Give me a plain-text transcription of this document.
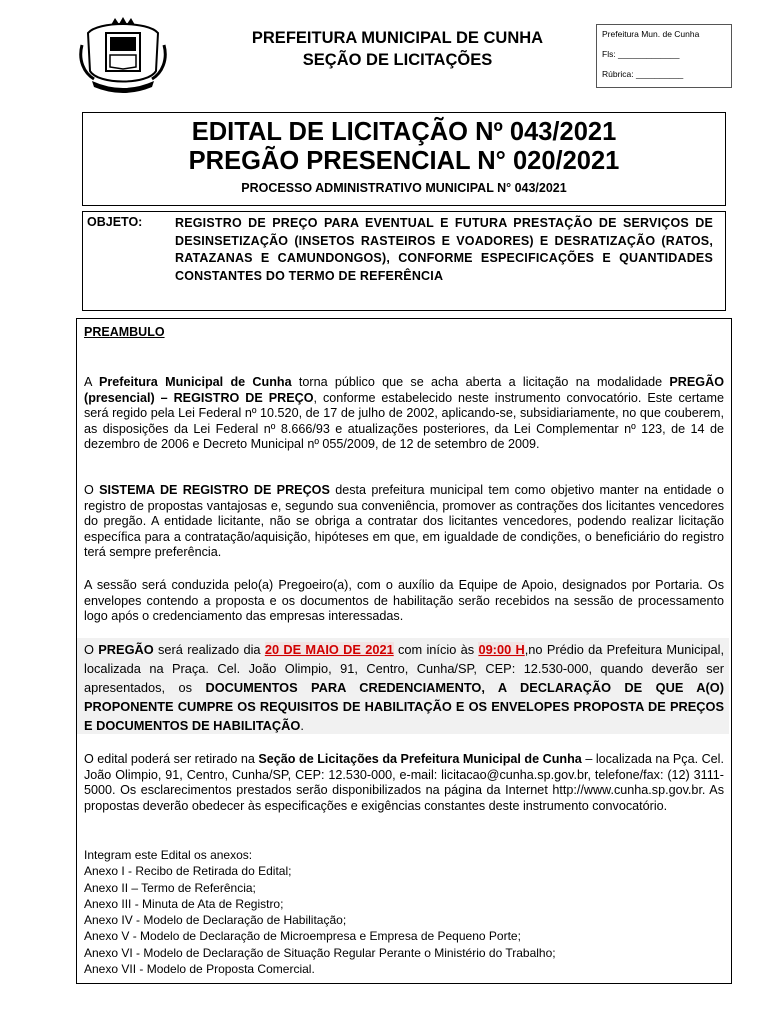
PREFEITURA MUNICIPAL DE CUNHA
SEÇÃO DE LICITAÇÕES
Prefeitura Mun. de Cunha
Fls: _____________
Rúbrica: __________
EDITAL DE LICITAÇÃO Nº 043/2021
PREGÃO PRESENCIAL N° 020/2021
PROCESSO ADMINISTRATIVO MUNICIPAL N° 043/2021
OBJETO:	REGISTRO DE PREÇO PARA EVENTUAL E FUTURA PRESTAÇÃO DE SERVIÇOS DE DESINSETIZAÇÃO (INSETOS RASTEIROS E VOADORES) E DESRATIZAÇÃO (RATOS, RATAZANAS E CAMUNDONGOS), CONFORME ESPECIFICAÇÕES E QUANTIDADES CONSTANTES DO TERMO DE REFERÊNCIA
PREAMBULO
A Prefeitura Municipal de Cunha torna público que se acha aberta a licitação na modalidade PREGÃO (presencial) – REGISTRO DE PREÇO, conforme estabelecido neste instrumento convocatório. Este certame será regido pela Lei Federal nº 10.520, de 17 de julho de 2002, aplicando-se, subsidiariamente, no que couberem, as disposições da Lei Federal nº 8.666/93 e atualizações posteriores, da Lei Complementar nº 123, de 14 de dezembro de 2006 e Decreto Municipal nº 055/2009, de 12 de setembro de 2009.
O SISTEMA DE REGISTRO DE PREÇOS desta prefeitura municipal tem como objetivo manter na entidade o registro de propostas vantajosas e, segundo sua conveniência, promover as contrações dos licitantes vencedores do pregão. A entidade licitante, não se obriga a contratar dos licitantes vencedores, podendo realizar licitação específica para a contratação/aquisição, hipóteses em que, em igualdade de condições, o beneficiário do registro terá sempre preferência.
A sessão será conduzida pelo(a) Pregoeiro(a), com o auxílio da Equipe de Apoio, designados por Portaria. Os envelopes contendo a proposta e os documentos de habilitação serão recebidos na sessão de processamento logo após o credenciamento das empresas interessadas.
O PREGÃO será realizado dia 20 DE MAIO DE 2021 com início às 09:00 H,no Prédio da Prefeitura Municipal, localizada na Praça. Cel. João Olimpio, 91, Centro, Cunha/SP, CEP: 12.530-000, quando deverão ser apresentados, os DOCUMENTOS PARA CREDENCIAMENTO, A DECLARAÇÃO DE QUE A(O) PROPONENTE CUMPRE OS REQUISITOS DE HABILITAÇÃO E OS ENVELOPES PROPOSTA DE PREÇOS E DOCUMENTOS DE HABILITAÇÃO.
O edital poderá ser retirado na Seção de Licitações da Prefeitura Municipal de Cunha – localizada na Pça. Cel. João Olimpio, 91, Centro, Cunha/SP, CEP: 12.530-000, e-mail: licitacao@cunha.sp.gov.br, telefone/fax: (12) 3111-5000. Os esclarecimentos prestados serão disponibilizados na página da Internet http://www.cunha.sp.gov.br. As propostas deverão obedecer às especificações e exigências constantes deste instrumento convocatório.
Integram este Edital os anexos:
Anexo I - Recibo de Retirada do Edital;
Anexo II – Termo de Referência;
Anexo III - Minuta de Ata de Registro;
Anexo IV - Modelo de Declaração de Habilitação;
Anexo V - Modelo de Declaração de Microempresa e Empresa de Pequeno Porte;
Anexo VI - Modelo de Declaração de Situação Regular Perante o Ministério do Trabalho;
Anexo VII - Modelo de Proposta Comercial.
